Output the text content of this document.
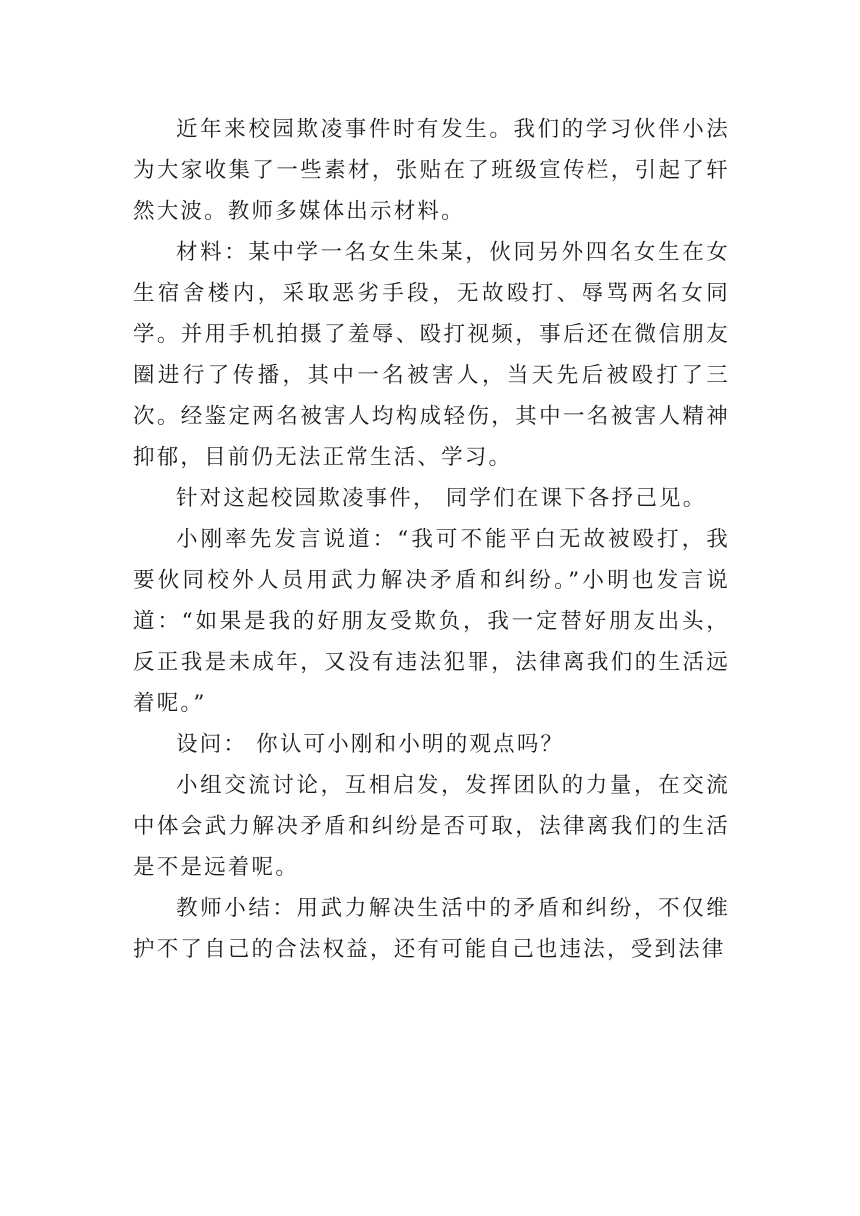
近年来校园欺凌事件时有发生。我们的学习伙伴小法为大家收集了一些素材，张贴在了班级宣传栏，引起了轩然大波。教师多媒体出示材料。

材料：某中学一名女生朱某，伙同另外四名女生在女生宿舍楼内，采取恶劣手段，无故殴打、辱骂两名女同学。并用手机拍摄了羞辱、殴打视频，事后还在微信朋友圈进行了传播，其中一名被害人，当天先后被殴打了三次。经鉴定两名被害人均构成轻伤，其中一名被害人精神抑郁，目前仍无法正常生活、学习。

针对这起校园欺凌事件， 同学们在课下各抒己见。

小刚率先发言说道：“我可不能平白无故被殴打，我要伙同校外人员用武力解决矛盾和纠纷。”小明也发言说道：“如果是我的好朋友受欺负，我一定替好朋友出头，反正我是未成年，又没有违法犯罪，法律离我们的生活远着呢。”

设问： 你认可小刚和小明的观点吗？

小组交流讨论，互相启发，发挥团队的力量，在交流中体会武力解决矛盾和纠纷是否可取，法律离我们的生活是不是远着呢。

教师小结：用武力解决生活中的矛盾和纠纷，不仅维护不了自己的合法权益，还有可能自己也违法，受到法律
